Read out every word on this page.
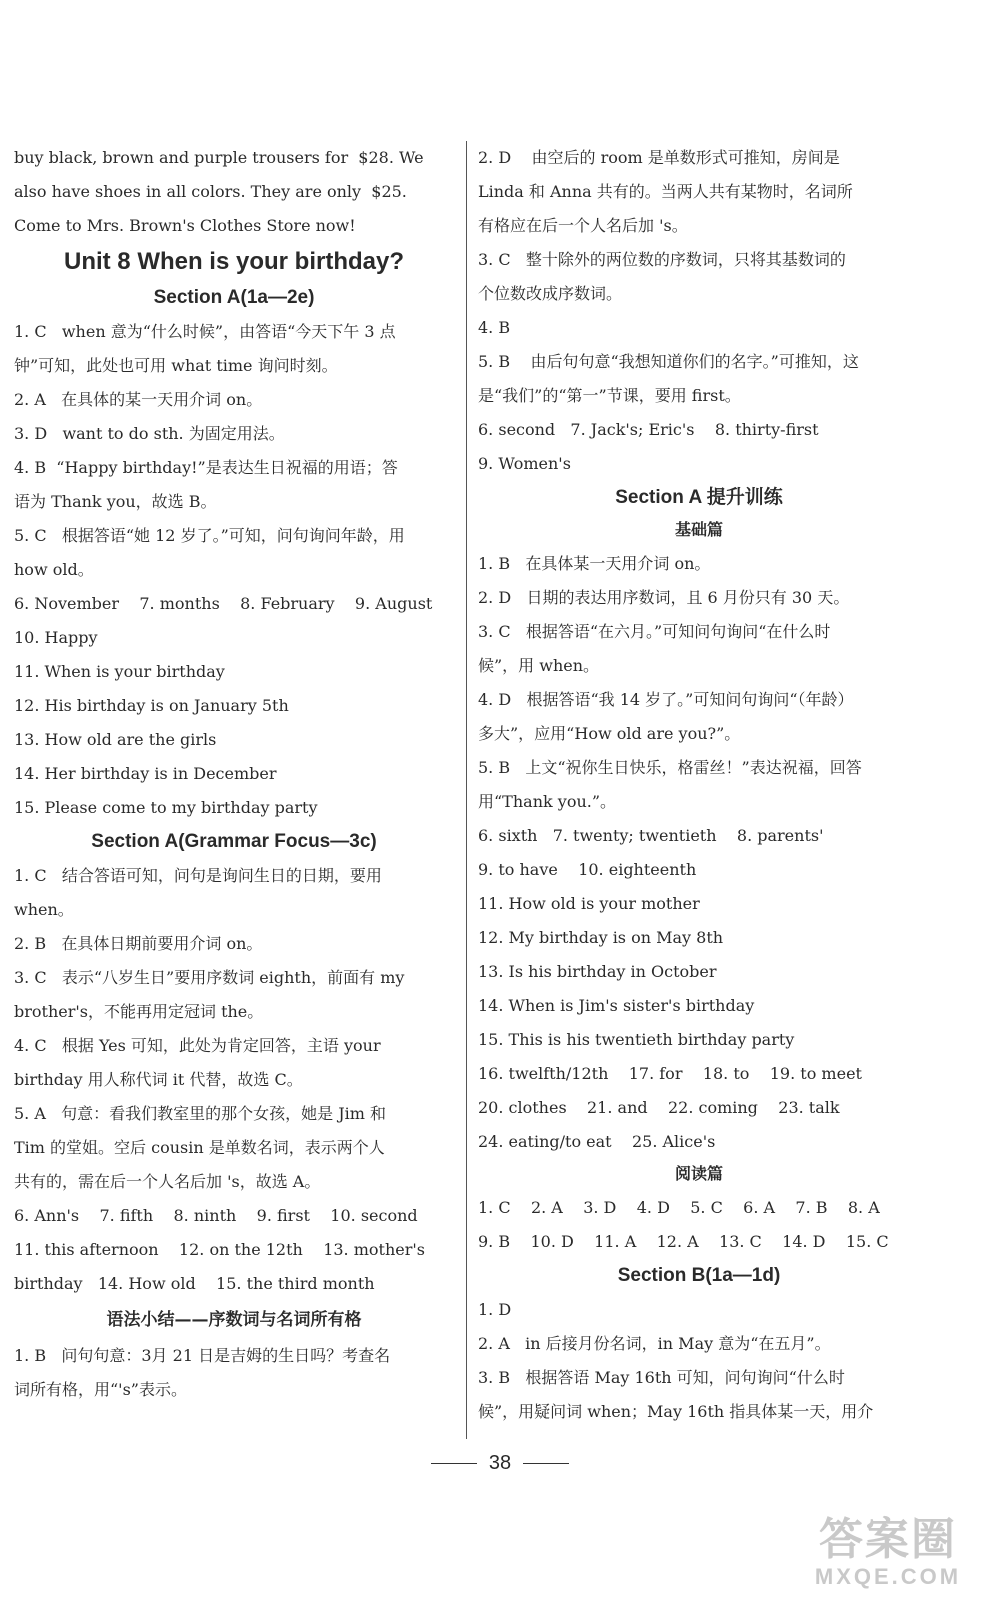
buy black, brown and purple trousers for  $28. We
also have shoes in all colors. They are only  $25.
Come to Mrs. Brown's Clothes Store now!
Unit 8 When is your birthday?
Section A(1a—2e)
1. C   when 意为“什么时候”，由答语“今天下午 3 点
钟”可知，此处也可用 what time 询问时刻。
2. A   在具体的某一天用介词 on。
3. D   want to do sth. 为固定用法。
4. B  “Happy birthday!”是表达生日祝福的用语；答
语为 Thank you，故选 B。
5. C   根据答语“她 12 岁了。”可知，问句询问年龄，用
how old。
6. November    7. months    8. February    9. August
10. Happy
11. When is your birthday
12. His birthday is on January 5th
13. How old are the girls
14. Her birthday is in December
15. Please come to my birthday party
Section A(Grammar Focus—3c)
1. C   结合答语可知，问句是询问生日的日期，要用
when。
2. B   在具体日期前要用介词 on。
3. C   表示“八岁生日”要用序数词 eighth，前面有 my
brother's，不能再用定冠词 the。
4. C   根据 Yes 可知，此处为肯定回答，主语 your
birthday 用人称代词 it 代替，故选 C。
5. A   句意：看我们教室里的那个女孩，她是 Jim 和
Tim 的堂姐。空后 cousin 是单数名词，表示两个人
共有的，需在后一个人名后加 's，故选 A。
6. Ann's    7. fifth    8. ninth    9. first    10. second
11. this afternoon    12. on the 12th    13. mother's
birthday   14. How old    15. the third month
语法小结——序数词与名词所有格
1. B   问句句意：3月 21 日是吉姆的生日吗？考查名
词所有格，用“'s”表示。
2. D    由空后的 room 是单数形式可推知，房间是
Linda 和 Anna 共有的。当两人共有某物时，名词所
有格应在后一个人名后加 's。
3. C   整十除外的两位数的序数词，只将其基数词的
个位数改成序数词。
4. B
5. B    由后句句意“我想知道你们的名字。”可推知，这
是“我们”的“第一”节课，要用 first。
6. second   7. Jack's; Eric's    8. thirty-first
9. Women's
Section A 提升训练
基础篇
1. B   在具体某一天用介词 on。
2. D   日期的表达用序数词，且 6 月份只有 30 天。
3. C   根据答语“在六月。”可知问句询问“在什么时
候”，用 when。
4. D   根据答语“我 14 岁了。”可知问句询问“（年龄）
多大”，应用“How old are you?”。
5. B   上文“祝你生日快乐，格雷丝！”表达祝福，回答
用“Thank you.”。
6. sixth   7. twenty; twentieth    8. parents'
9. to have    10. eighteenth
11. How old is your mother
12. My birthday is on May 8th
13. Is his birthday in October
14. When is Jim's sister's birthday
15. This is his twentieth birthday party
16. twelfth/12th    17. for    18. to    19. to meet
20. clothes    21. and    22. coming    23. talk
24. eating/to eat    25. Alice's
阅读篇
1. C    2. A    3. D    4. D    5. C    6. A    7. B    8. A
9. B    10. D    11. A    12. A    13. C    14. D    15. C
Section B(1a—1d)
1. D
2. A   in 后接月份名词，in May 意为“在五月”。
3. B   根据答语 May 16th 可知，问句询问“什么时
候”，用疑问词 when；May 16th 指具体某一天，用介
38
答案圈
MXQE.COM
